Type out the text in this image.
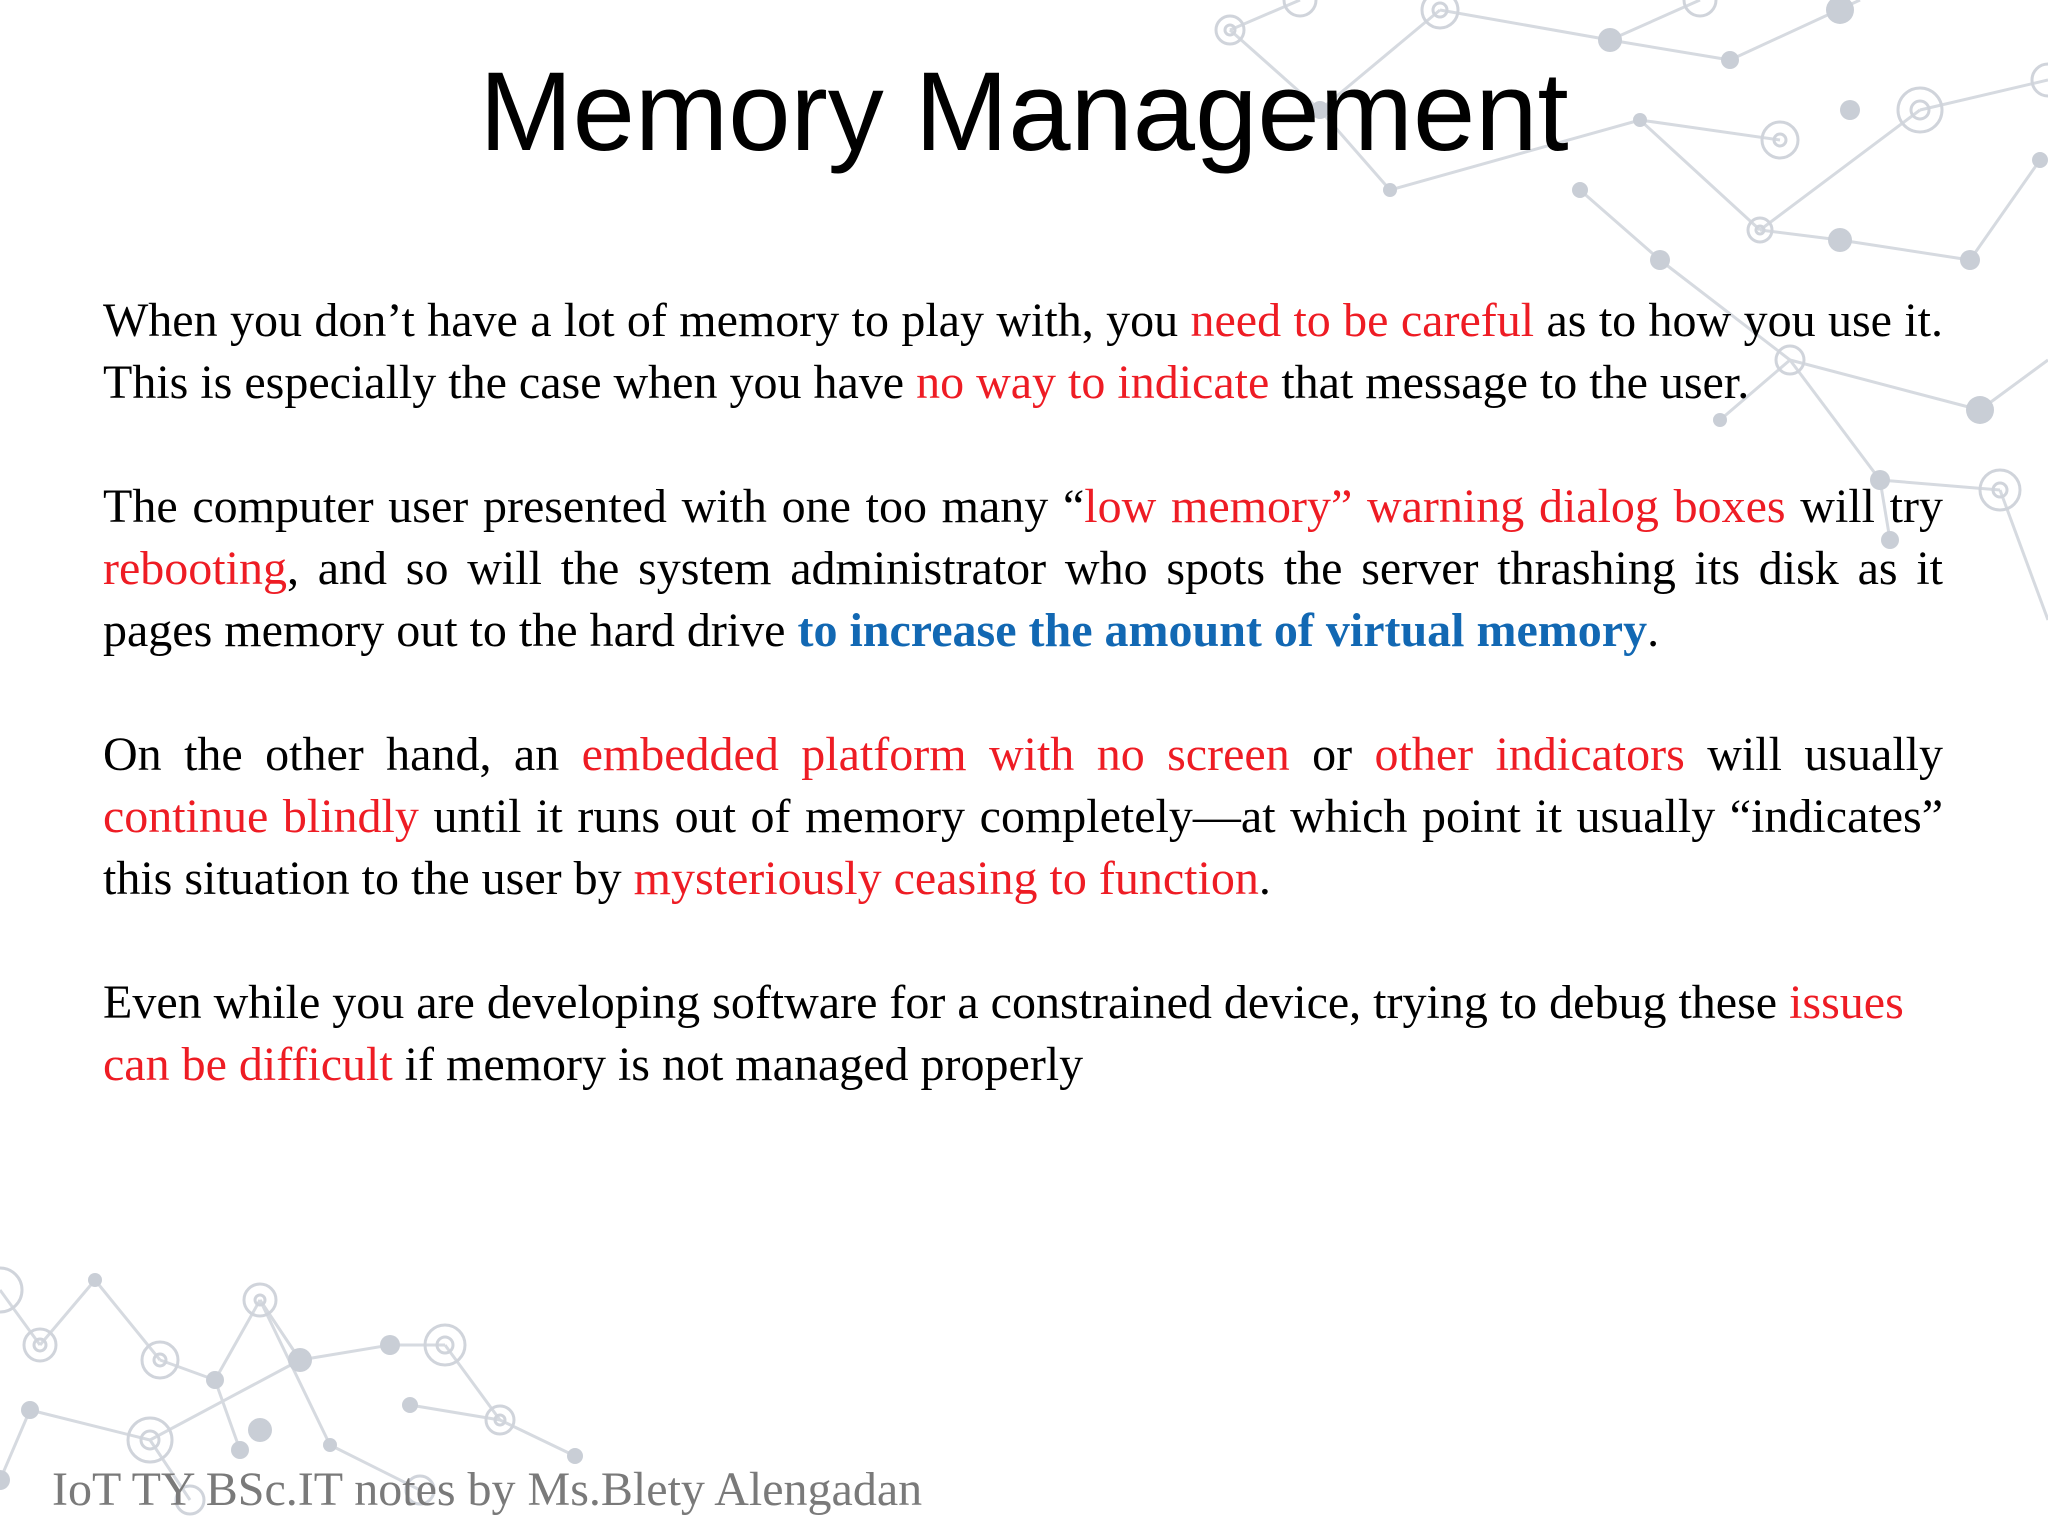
Memory Management

When you don’t have a lot of memory to play with, you need to be careful as to how you use it. This is especially the case when you have no way to indicate that message to the user.

The computer user presented with one too many “low memory” warning dialog boxes will try rebooting, and so will the system administrator who spots the server thrashing its disk as it pages memory out to the hard drive to increase the amount of virtual memory.

On the other hand, an embedded platform with no screen or other indicators will usually continue blindly until it runs out of memory completely—at which point it usually “indicates” this situation to the user by mysteriously ceasing to function.

Even while you are developing software for a constrained device, trying to debug these issues can be difficult if memory is not managed properly

IoT TY BSc.IT notes by Ms.Blety Alengadan
